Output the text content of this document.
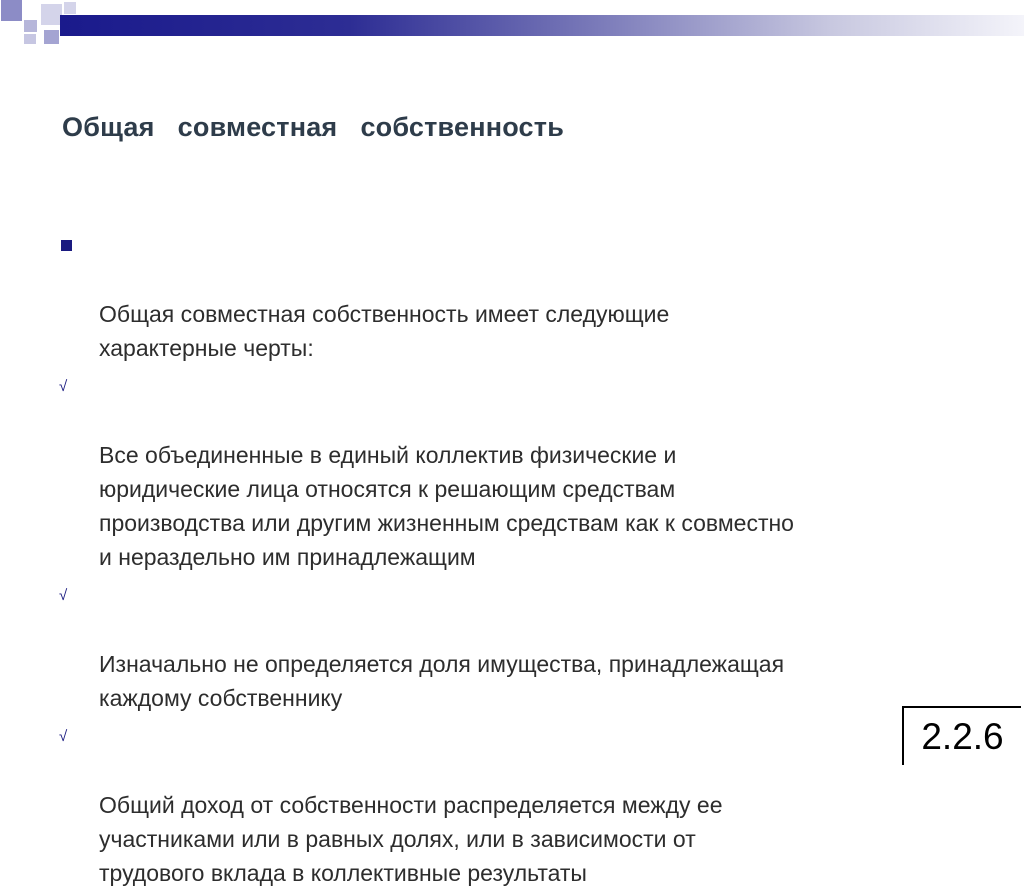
Общая   совместная   собственность

Общая совместная собственность имеет следующие
характерные черты:

√

Все объединенные в единый коллектив физические и
юридические лица относятся к решающим средствам
производства или другим жизненным средствам как к совместно
и нераздельно им принадлежащим

√

Изначально не определяется доля имущества, принадлежащая
каждому собственнику

√

Общий доход от собственности распределяется между ее
участниками или в равных долях, или в зависимости от
трудового вклада в коллективные результаты

2.2.6
